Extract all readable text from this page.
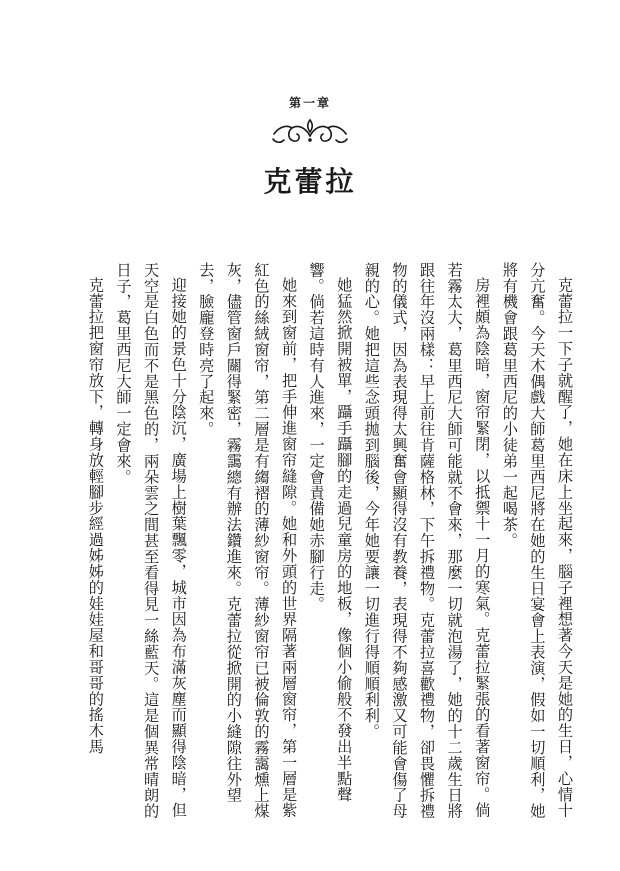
第一章
克蕾拉

克蕾拉一下子就醒了，她在床上坐起來，腦子裡想著今天是她的生日，心情十分亢奮。今天木偶戲大師葛里西尼將在她的生日宴會上表演，假如一切順利，她將有機會跟葛里西尼的小徒弟一起喝茶。

房裡頗為陰暗，窗帘緊閉，以抵禦十一月的寒氣。克蕾拉緊張的看著窗帘。倘若霧太大，葛里西尼大師可能就不會來，那麼一切就泡湯了，她的十二歲生日將跟往年沒兩樣：早上前往肯薩格林，下午拆禮物。克蕾拉喜歡禮物，卻畏懼拆禮物的儀式，因為表現得太興奮會顯得沒有教養，表現得不夠感激又可能會傷了母親的心。她把這些念頭拋到腦後，今年她要讓一切進行得順順利利。

她猛然掀開被單，躡手躡腳的走過兒童房的地板，像個小偷般不發出半點聲響。倘若這時有人進來，一定會責備她赤腳行走。

她來到窗前，把手伸進窗帘縫隙。她和外頭的世界隔著兩層窗帘，第一層是紫紅色的絲絨窗帘，第二層是有縐褶的薄紗窗帘。薄紗窗帘已被倫敦的霧靄燻上煤灰，儘管窗戶關得緊密，霧靄總有辦法鑽進來。克蕾拉從掀開的小縫隙往外望去，臉龐登時亮了起來。

迎接她的景色十分陰沉，廣場上樹葉飄零，城市因為布滿灰塵而顯得陰暗，但天空是白色而不是黑色的，兩朵雲之間甚至看得見一絲藍天。這是個異常晴朗的日子，葛里西尼大師一定會來。

克蕾拉把窗帘放下，轉身放輕腳步經過姊姊的娃娃屋和哥哥的搖木馬
